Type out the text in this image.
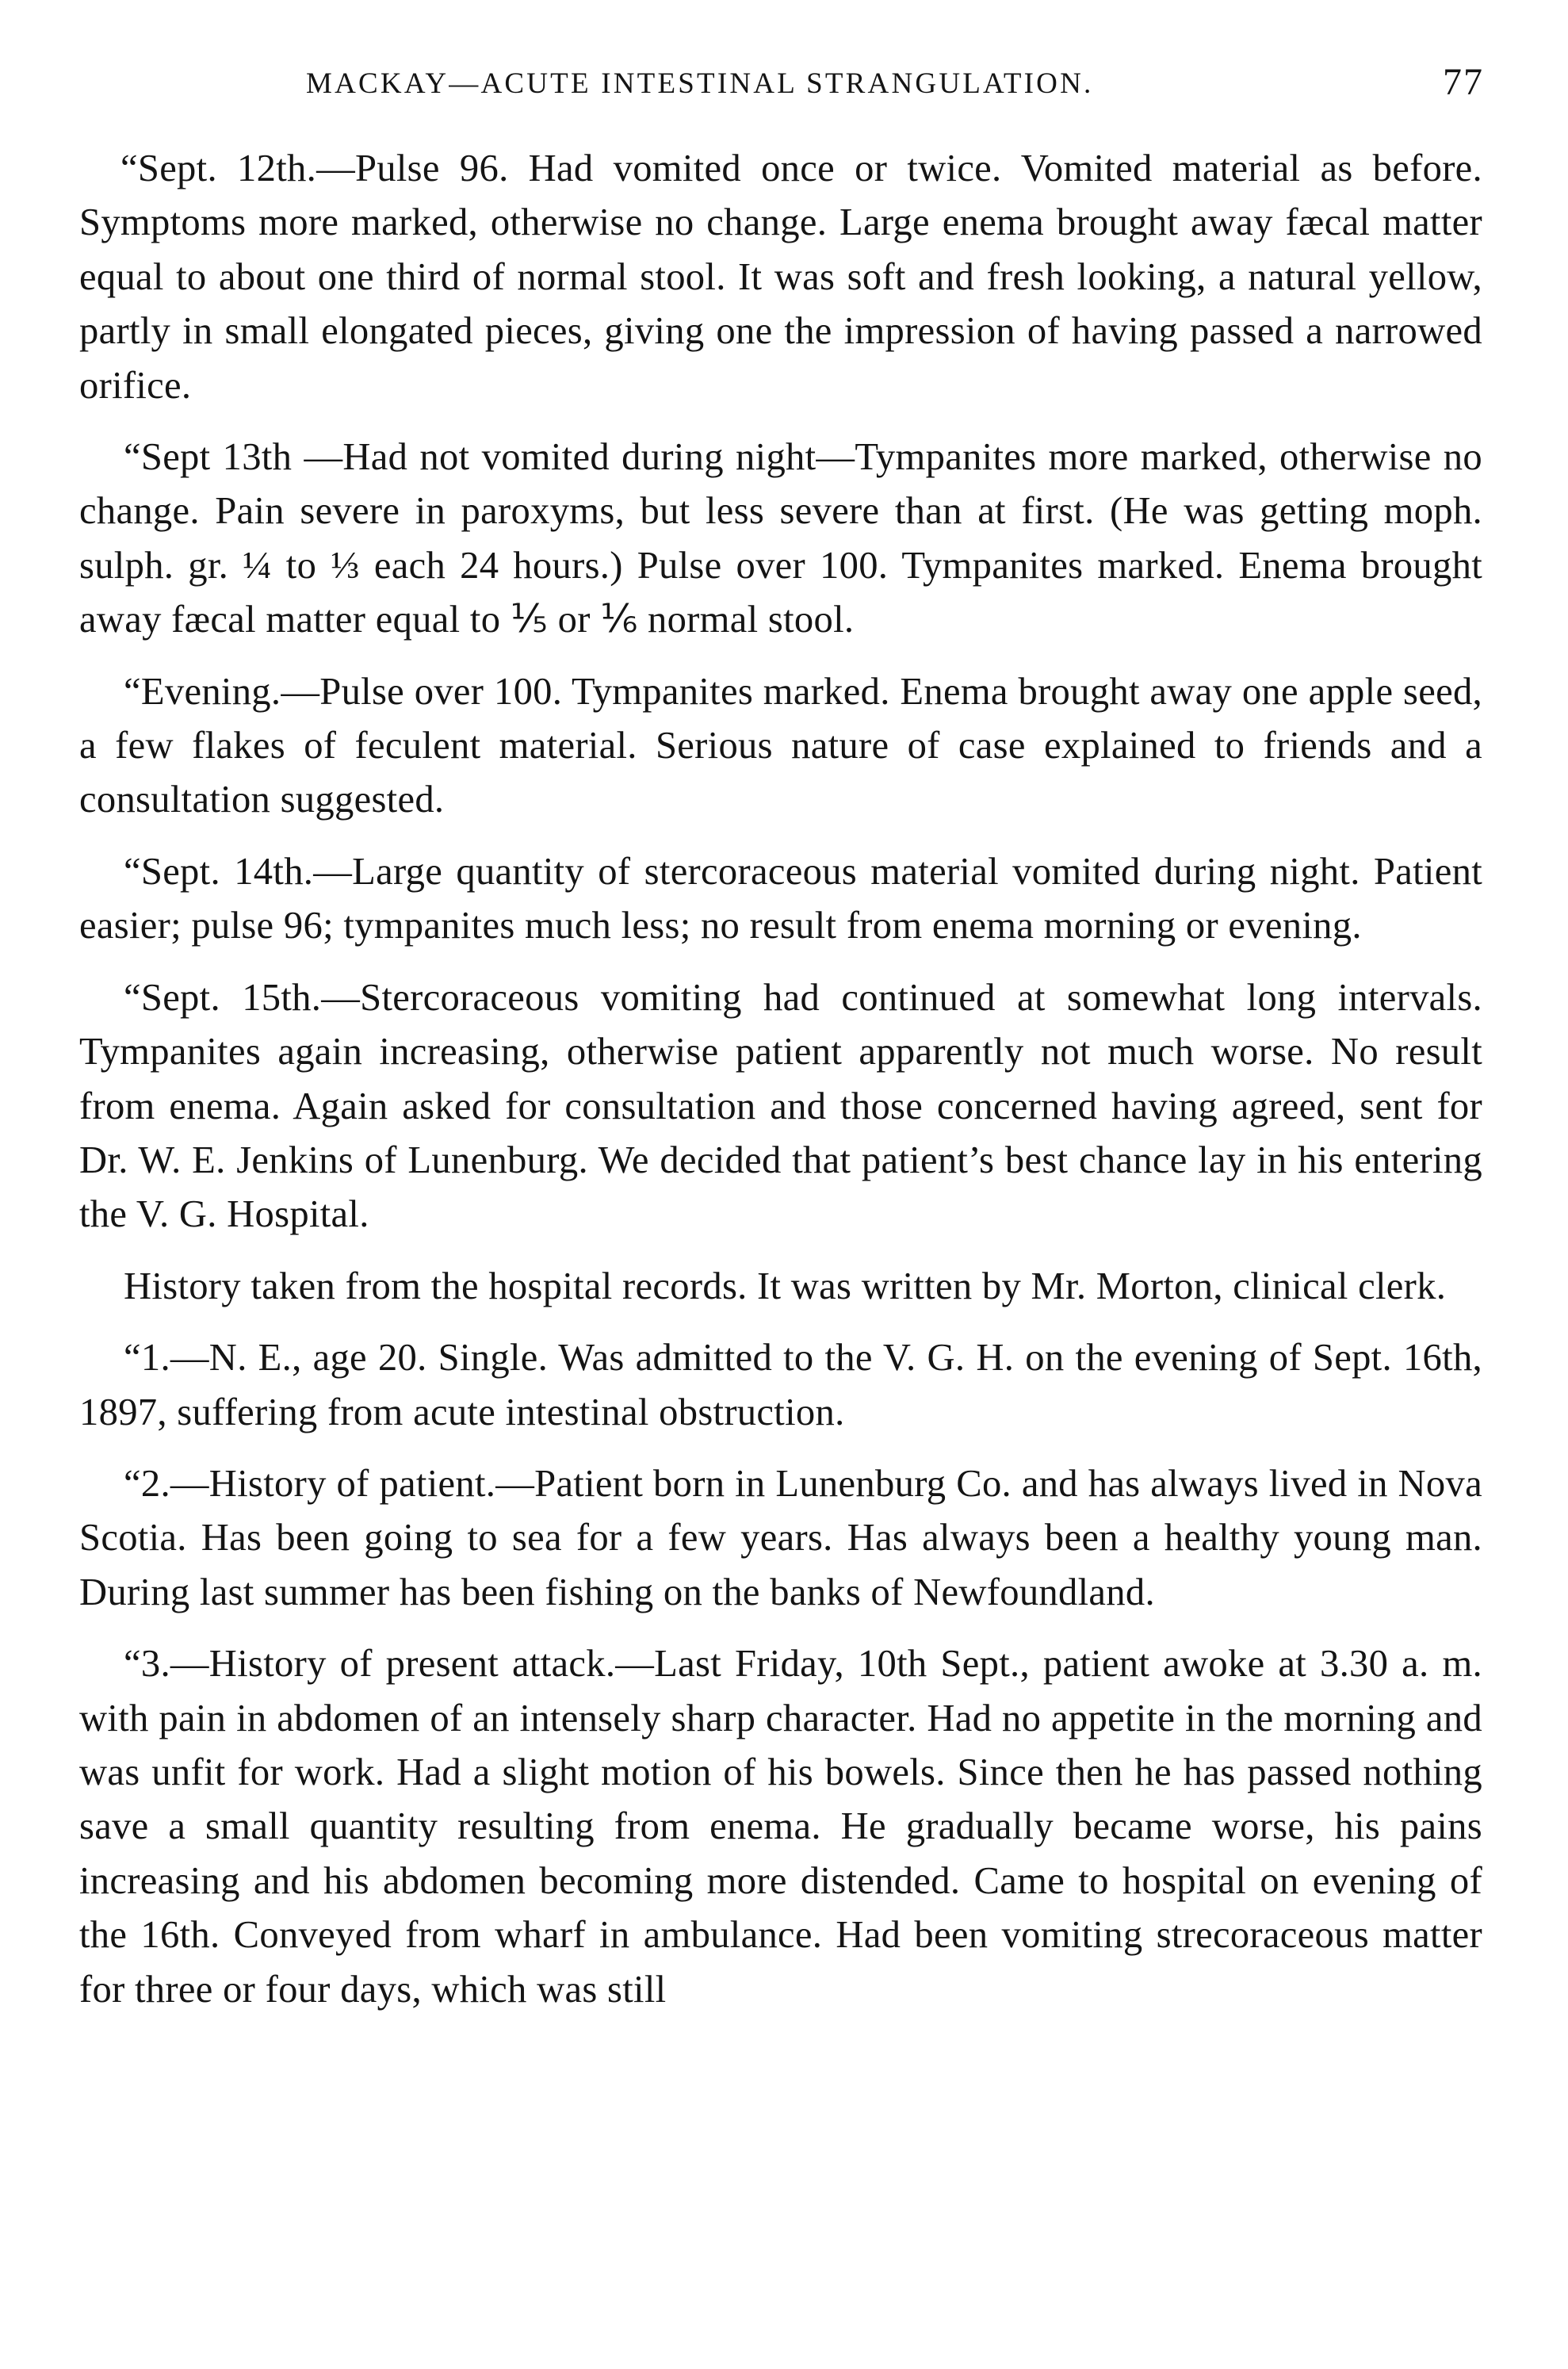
MACKAY—ACUTE INTESTINAL STRANGULATION.	77

“Sept. 12th.—Pulse 96. Had vomited once or twice. Vomited material as before. Symptoms more marked, otherwise no change. Large enema brought away fæcal matter equal to about one third of normal stool. It was soft and fresh looking, a natural yellow, partly in small elongated pieces, giving one the impression of having passed a narrowed orifice.

“Sept 13th —Had not vomited during night—Tympanites more marked, otherwise no change. Pain severe in paroxyms, but less severe than at first. (He was getting moph. sulph. gr. ¼ to ⅓ each 24 hours.) Pulse over 100. Tympanites marked. Enema brought away fæcal matter equal to ⅕ or ⅙ normal stool.

“Evening.—Pulse over 100. Tympanites marked. Enema brought away one apple seed, a few flakes of feculent material. Serious nature of case explained to friends and a consultation suggested.

“Sept. 14th.—Large quantity of stercoraceous material vomited during night. Patient easier; pulse 96; tympanites much less; no result from enema morning or evening.

“Sept. 15th.—Stercoraceous vomiting had continued at somewhat long intervals. Tympanites again increasing, otherwise patient apparently not much worse. No result from enema. Again asked for consultation and those concerned having agreed, sent for Dr. W. E. Jenkins of Lunenburg. We decided that patient’s best chance lay in his entering the V. G. Hospital.

History taken from the hospital records. It was written by Mr. Morton, clinical clerk.

“1.—N. E., age 20. Single. Was admitted to the V. G. H. on the evening of Sept. 16th, 1897, suffering from acute intestinal obstruction.

“2.—History of patient.—Patient born in Lunenburg Co. and has always lived in Nova Scotia. Has been going to sea for a few years. Has always been a healthy young man. During last summer has been fishing on the banks of Newfoundland.

“3.—History of present attack.—Last Friday, 10th Sept., patient awoke at 3.30 a. m. with pain in abdomen of an intensely sharp character. Had no appetite in the morning and was unfit for work. Had a slight motion of his bowels. Since then he has passed nothing save a small quantity resulting from enema. He gradually became worse, his pains increasing and his abdomen becoming more distended. Came to hospital on evening of the 16th. Conveyed from wharf in ambulance. Had been vomiting strecoraceous matter for three or four days, which was still
